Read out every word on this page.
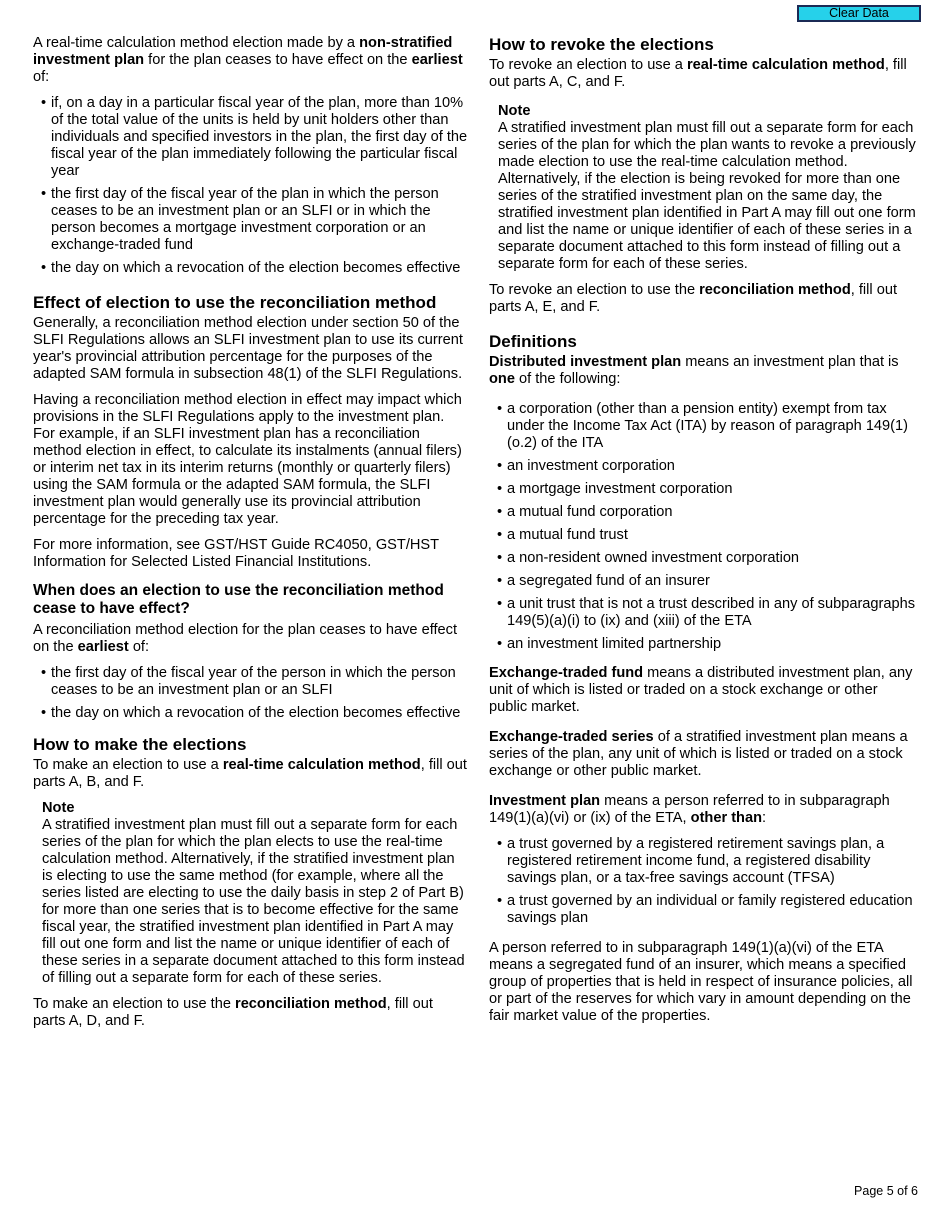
Clear Data

A real-time calculation method election made by a non-stratified investment plan for the plan ceases to have effect on the earliest of:

• if, on a day in a particular fiscal year of the plan, more than 10% of the total value of the units is held by unit holders other than individuals and specified investors in the plan, the first day of the fiscal year of the plan immediately following the particular fiscal year
• the first day of the fiscal year of the plan in which the person ceases to be an investment plan or an SLFI or in which the person becomes a mortgage investment corporation or an exchange-traded fund
• the day on which a revocation of the election becomes effective
Effect of election to use the reconciliation method

Generally, a reconciliation method election under section 50 of the SLFI Regulations allows an SLFI investment plan to use its current year's provincial attribution percentage for the purposes of the adapted SAM formula in subsection 48(1) of the SLFI Regulations.

Having a reconciliation method election in effect may impact which provisions in the SLFI Regulations apply to the investment plan. For example, if an SLFI investment plan has a reconciliation method election in effect, to calculate its instalments (annual filers) or interim net tax in its interim returns (monthly or quarterly filers) using the SAM formula or the adapted SAM formula, the SLFI investment plan would generally use its provincial attribution percentage for the preceding tax year.

For more information, see GST/HST Guide RC4050, GST/HST Information for Selected Listed Financial Institutions.

When does an election to use the reconciliation method cease to have effect?

A reconciliation method election for the plan ceases to have effect on the earliest of:

• the first day of the fiscal year of the person in which the person ceases to be an investment plan or an SLFI
• the day on which a revocation of the election becomes effective
How to make the elections

To make an election to use a real-time calculation method, fill out parts A, B, and F.

Note
A stratified investment plan must fill out a separate form for each series of the plan for which the plan elects to use the real-time calculation method. Alternatively, if the stratified investment plan is electing to use the same method (for example, where all the series listed are electing to use the daily basis in step 2 of Part B) for more than one series that is to become effective for the same fiscal year, the stratified investment plan identified in Part A may fill out one form and list the name or unique identifier of each of these series in a separate document attached to this form instead of filling out a separate form for each of these series.

To make an election to use the reconciliation method, fill out parts A, D, and F.

How to revoke the elections

To revoke an election to use a real-time calculation method, fill out parts A, C, and F.

Note
A stratified investment plan must fill out a separate form for each series of the plan for which the plan wants to revoke a previously made election to use the real-time calculation method. Alternatively, if the election is being revoked for more than one series of the stratified investment plan on the same day, the stratified investment plan identified in Part A may fill out one form and list the name or unique identifier of each of these series in a separate document attached to this form instead of filling out a separate form for each of these series.

To revoke an election to use the reconciliation method, fill out parts A, E, and F.

Definitions

Distributed investment plan means an investment plan that is one of the following:

• a corporation (other than a pension entity) exempt from tax under the Income Tax Act (ITA) by reason of paragraph 149(1)(o.2) of the ITA
• an investment corporation
• a mortgage investment corporation
• a mutual fund corporation
• a mutual fund trust
• a non-resident owned investment corporation
• a segregated fund of an insurer
• a unit trust that is not a trust described in any of subparagraphs 149(5)(a)(i) to (ix) and (xiii) of the ETA
• an investment limited partnership

Exchange-traded fund means a distributed investment plan, any unit of which is listed or traded on a stock exchange or other public market.

Exchange-traded series of a stratified investment plan means a series of the plan, any unit of which is listed or traded on a stock exchange or other public market.

Investment plan means a person referred to in subparagraph 149(1)(a)(vi) or (ix) of the ETA, other than:

• a trust governed by a registered retirement savings plan, a registered retirement income fund, a registered disability savings plan, or a tax-free savings account (TFSA)
• a trust governed by an individual or family registered education savings plan

A person referred to in subparagraph 149(1)(a)(vi) of the ETA means a segregated fund of an insurer, which means a specified group of properties that is held in respect of insurance policies, all or part of the reserves for which vary in amount depending on the fair market value of the properties.

Page 5 of 6
